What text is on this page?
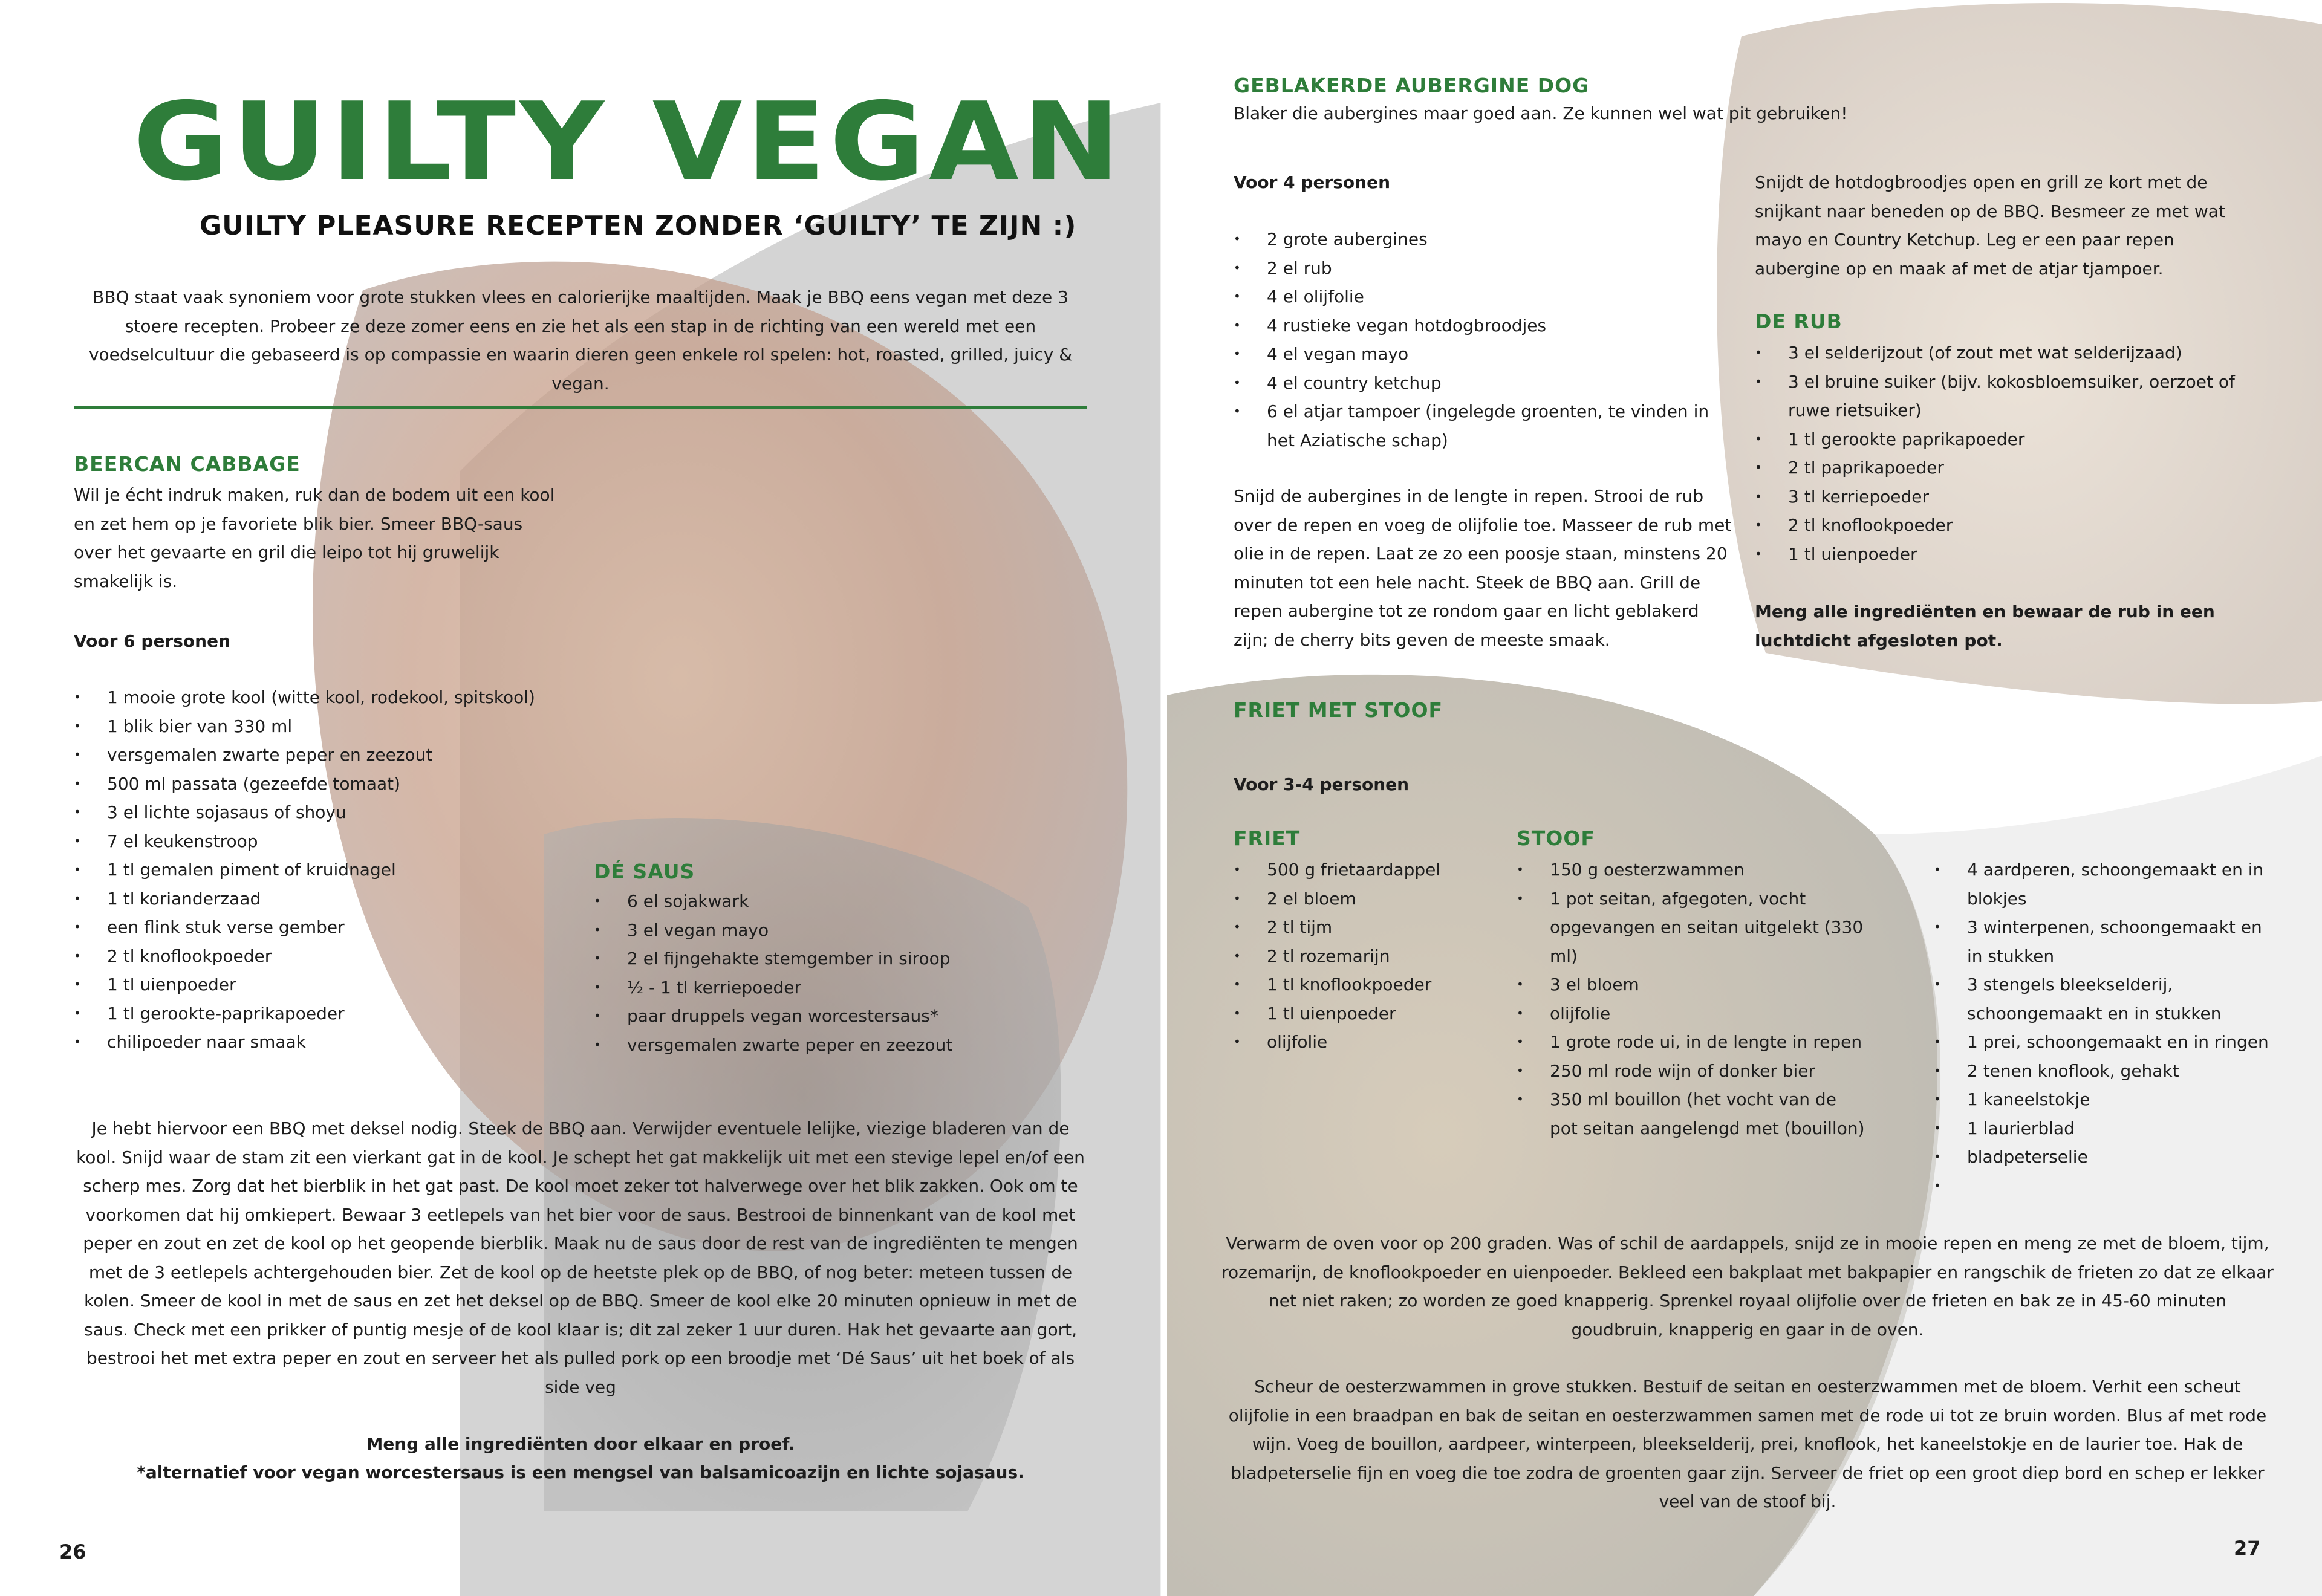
GUILTY VEGAN
GUILTY PLEASURE RECEPTEN ZONDER ‘GUILTY’ TE ZIJN :)
BBQ staat vaak synoniem voor grote stukken vlees en calorierijke maaltijden. Maak je BBQ eens vegan met deze 3 stoere recepten. Probeer ze deze zomer eens en zie het als een stap in de richting van een wereld met een voedselcultuur die gebaseerd is op compassie en waarin dieren geen enkele rol spelen: hot, roasted, grilled, juicy & vegan.
BEERCAN CABBAGE
Wil je écht indruk maken, ruk dan de bodem uit een kool en zet hem op je favoriete blik bier. Smeer BBQ-saus over het gevaarte en gril die leipo tot hij gruwelijk smakelijk is.
Voor 6 personen
• 1 mooie grote kool (witte kool, rodekool, spitskool)
• 1 blik bier van 330 ml
• versgemalen zwarte peper en zeezout
• 500 ml passata (gezeefde tomaat)
• 3 el lichte sojasaus of shoyu
• 7 el keukenstroop
• 1 tl gemalen piment of kruidnagel
• 1 tl korianderzaad
• een flink stuk verse gember
• 2 tl knoflookpoeder
• 1 tl uienpoeder
• 1 tl gerookte-paprikapoeder
• chilipoeder naar smaak
DÉ SAUS
• 6 el sojakwark
• 3 el vegan mayo
• 2 el fijngehakte stemgember in siroop
• ½ - 1 tl kerriepoeder
• paar druppels vegan worcestersaus*
• versgemalen zwarte peper en zeezout
Je hebt hiervoor een BBQ met deksel nodig. Steek de BBQ aan. Verwijder eventuele lelijke, viezige bladeren van de kool. Snijd waar de stam zit een vierkant gat in de kool. Je schept het gat makkelijk uit met een stevige lepel en/of een scherp mes. Zorg dat het bierblik in het gat past. De kool moet zeker tot halverwege over het blik zakken. Ook om te voorkomen dat hij omkiepert. Bewaar 3 eetlepels van het bier voor de saus. Bestrooi de binnenkant van de kool met peper en zout en zet de kool op het geopende bierblik. Maak nu de saus door de rest van de ingrediënten te mengen met de 3 eetlepels achtergehouden bier. Zet de kool op de heetste plek op de BBQ, of nog beter: meteen tussen de kolen. Smeer de kool in met de saus en zet het deksel op de BBQ. Smeer de kool elke 20 minuten opnieuw in met de saus. Check met een prikker of puntig mesje of de kool klaar is; dit zal zeker 1 uur duren. Hak het gevaarte aan gort, bestrooi het met extra peper en zout en serveer het als pulled pork op een broodje met ‘Dé Saus’ uit het boek of als side veg
Meng alle ingrediënten door elkaar en proef.
*alternatief voor vegan worcestersaus is een mengsel van balsamicoazijn en lichte sojasaus.
26
GEBLAKERDE AUBERGINE DOG
Blaker die aubergines maar goed aan. Ze kunnen wel wat pit gebruiken!
Voor 4 personen
• 2 grote aubergines
• 2 el rub
• 4 el olijfolie
• 4 rustieke vegan hotdogbroodjes
• 4 el vegan mayo
• 4 el country ketchup
• 6 el atjar tampoer (ingelegde groenten, te vinden in het Aziatische schap)
Snijd de aubergines in de lengte in repen. Strooi de rub over de repen en voeg de olijfolie toe. Masseer de rub met olie in de repen. Laat ze zo een poosje staan, minstens 20 minuten tot een hele nacht. Steek de BBQ aan. Grill de repen aubergine tot ze rondom gaar en licht geblakerd zijn; de cherry bits geven de meeste smaak.
Snijdt de hotdogbroodjes open en grill ze kort met de snijkant naar beneden op de BBQ. Besmeer ze met wat mayo en Country Ketchup. Leg er een paar repen aubergine op en maak af met de atjar tjampoer.
DE RUB
• 3 el selderijzout (of zout met wat selderijzaad)
• 3 el bruine suiker (bijv. kokosbloemsuiker, oerzoet of ruwe rietsuiker)
• 1 tl gerookte paprikapoeder
• 2 tl paprikapoeder
• 3 tl kerriepoeder
• 2 tl knoflookpoeder
• 1 tl uienpoeder
Meng alle ingrediënten en bewaar de rub in een luchtdicht afgesloten pot.
FRIET MET STOOF
Voor 3-4 personen
FRIET
• 500 g frietaardappel
• 2 el bloem
• 2 tl tijm
• 2 tl rozemarijn
• 1 tl knoflookpoeder
• 1 tl uienpoeder
• olijfolie
STOOF
• 150 g oesterzwammen
• 1 pot seitan, afgegoten, vocht opgevangen en seitan uitgelekt (330 ml)
• 3 el bloem
• olijfolie
• 1 grote rode ui, in de lengte in repen
• 250 ml rode wijn of donker bier
• 350 ml bouillon (het vocht van de pot seitan aangelengd met (bouillon)
• 4 aardperen, schoongemaakt en in blokjes
• 3 winterpenen, schoongemaakt en in stukken
• 3 stengels bleekselderij, schoongemaakt en in stukken
• 1 prei, schoongemaakt en in ringen
• 2 tenen knoflook, gehakt
• 1 kaneelstokje
• 1 laurierblad
• bladpeterselie
Verwarm de oven voor op 200 graden. Was of schil de aardappels, snijd ze in mooie repen en meng ze met de bloem, tijm, rozemarijn, de knoflookpoeder en uienpoeder. Bekleed een bakplaat met bakpapier en rangschik de frieten zo dat ze elkaar net niet raken; zo worden ze goed knapperig. Sprenkel royaal olijfolie over de frieten en bak ze in 45-60 minuten goudbruin, knapperig en gaar in de oven.
Scheur de oesterzwammen in grove stukken. Bestuif de seitan en oesterzwammen met de bloem. Verhit een scheut olijfolie in een braadpan en bak de seitan en oesterzwammen samen met de rode ui tot ze bruin worden. Blus af met rode wijn. Voeg de bouillon, aardpeer, winterpeen, bleekselderij, prei, knoflook, het kaneelstokje en de laurier toe. Hak de bladpeterselie fijn en voeg die toe zodra de groenten gaar zijn. Serveer de friet op een groot diep bord en schep er lekker veel van de stoof bij.
27
